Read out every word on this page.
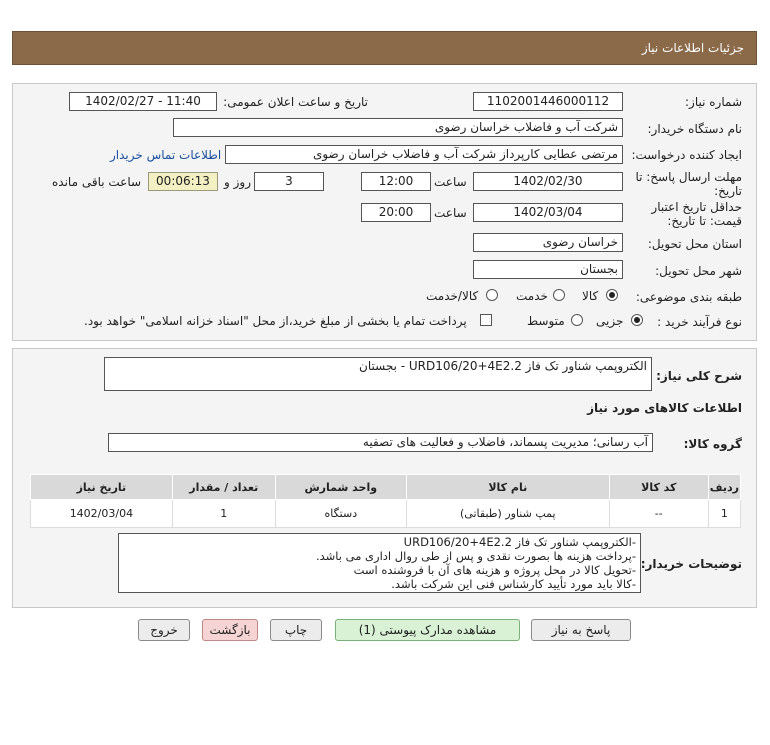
جزئیات اطلاعات نیاز
شماره نیاز:
1102001446000112
تاریخ و ساعت اعلان عمومی:
1402/02/27 - 11:40
نام دستگاه خریدار:
شرکت آب و فاضلاب خراسان رضوی
ایجاد کننده درخواست:
مرتضی عطایی کارپرداز شرکت آب و فاضلاب خراسان رضوی
اطلاعات تماس خریدار
مهلت ارسال پاسخ: تا
تاریخ:
1402/02/30
ساعت
12:00
3
روز و
00:06:13
ساعت باقی مانده
حداقل تاریخ اعتبار
قیمت: تا تاریخ:
1402/03/04
ساعت
20:00
استان محل تحویل:
خراسان رضوی
شهر محل تحویل:
بجستان
طبقه بندی موضوعی:
کالا
خدمت
کالا/خدمت
نوع فرآیند خرید :
جزیی
متوسط
پرداخت تمام یا بخشی از مبلغ خرید،از محل "اسناد خزانه اسلامی" خواهد بود.
شرح کلی نیاز:
الکتروپمپ شناور تک فاز URD106/20+4E2.2 - بجستان
اطلاعات کالاهای مورد نیاز
گروه کالا:
آب رسانی؛ مدیریت پسماند، فاضلاب و فعالیت های تصفیه
ردیف	کد کالا	نام کالا	واحد شمارش	تعداد / مقدار	تاریخ نیاز
1	--	پمپ شناور (طبقاتی)	دستگاه	1	1402/03/04
توضیحات خریدار:
-الکتروپمپ شناور تک فاز URD106/20+4E2.2
-پرداخت هزینه ها بصورت نقدی و پس از طی روال اداری می باشد.
-تحویل کالا در محل پروژه و هزینه های آن با فروشنده است
-کالا باید مورد تأیید کارشناس فنی این شرکت باشد.
پاسخ به نیاز
مشاهده مدارک پیوستی (1)
چاپ
بازگشت
خروج
